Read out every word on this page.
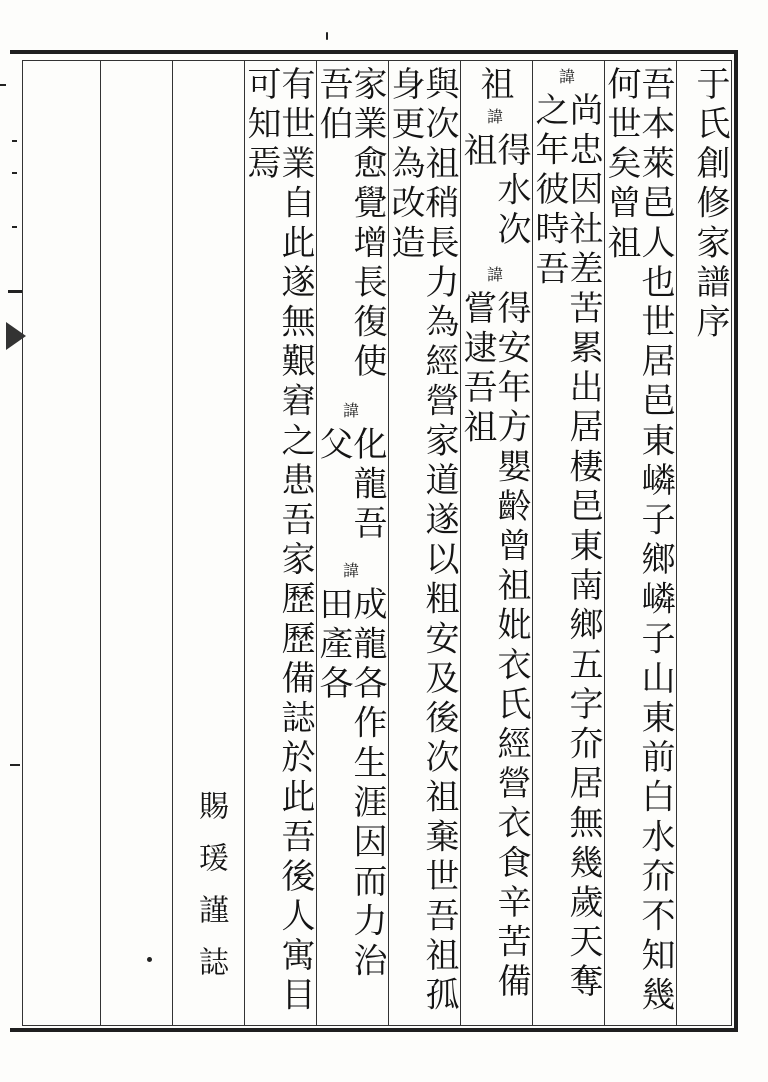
于氏創修家譜序
吾本萊邑人也世居邑東嶙子鄉嶙子山東前白水夼不知幾何世矣曾祖
諱
尚忠因社差苦累出居棲邑東南鄉五字夼居無幾歲天奪之年彼時吾
祖
諱
得水次祖
諱
得安年方嬰齡曾祖妣衣氏經營衣食辛苦備嘗逮吾祖
與次祖稍長力為經營家道遂以粗安及後次祖棄世吾祖孤身更為改造
家業愈覺增長復使吾伯
諱
化龍吾父
諱
成龍各作生涯因而力治田產各
有世業自此遂無艱窘之患吾家歷歷備誌於此吾後人寓目可知焉
賜瑗謹誌
